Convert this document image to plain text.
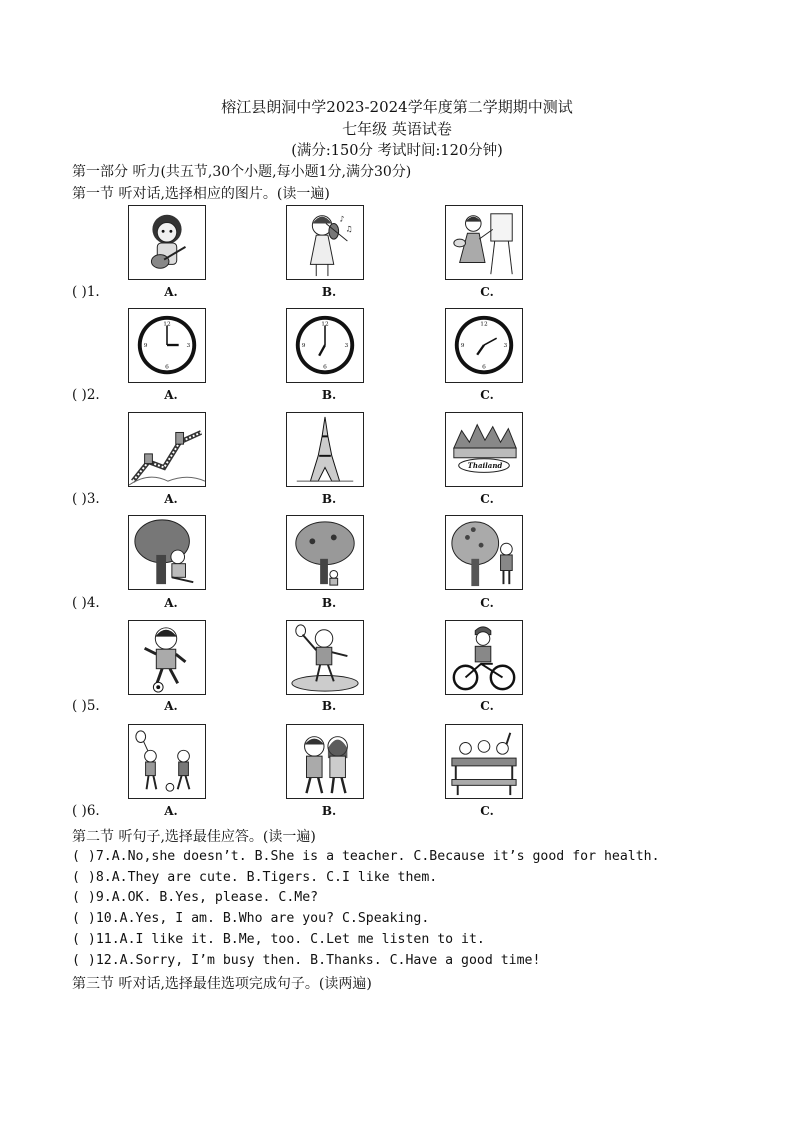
榕江县朗洞中学2023-2024学年度第二学期期中测试
七年级 英语试卷
(满分:150分 考试时间:120分钟)
第一部分 听力(共五节,30个小题,每小题1分,满分30分)
第一节 听对话,选择相应的图片。(读一遍)
♪
♫
( )1.	A.	B.	C.
12
3
6
9
12
3
6
9
12
3
6
9
( )2.	A.	B.	C.
Thailand
( )3.	A.	B.	C.
( )4.	A.	B.	C.
( )5.	A.	B.	C.
( )6.	A.	B.	C.
第二节 听句子,选择最佳应答。(读一遍)
( )7.A.No,she doesn’t. B.She is a teacher. C.Because it’s good for health.
( )8.A.They are cute. B.Tigers. C.I like them.
( )9.A.OK. B.Yes, please. C.Me?
( )10.A.Yes, I am. B.Who are you? C.Speaking.
( )11.A.I like it. B.Me, too. C.Let me listen to it.
( )12.A.Sorry, I’m busy then. B.Thanks. C.Have a good time!
第三节 听对话,选择最佳选项完成句子。(读两遍)
